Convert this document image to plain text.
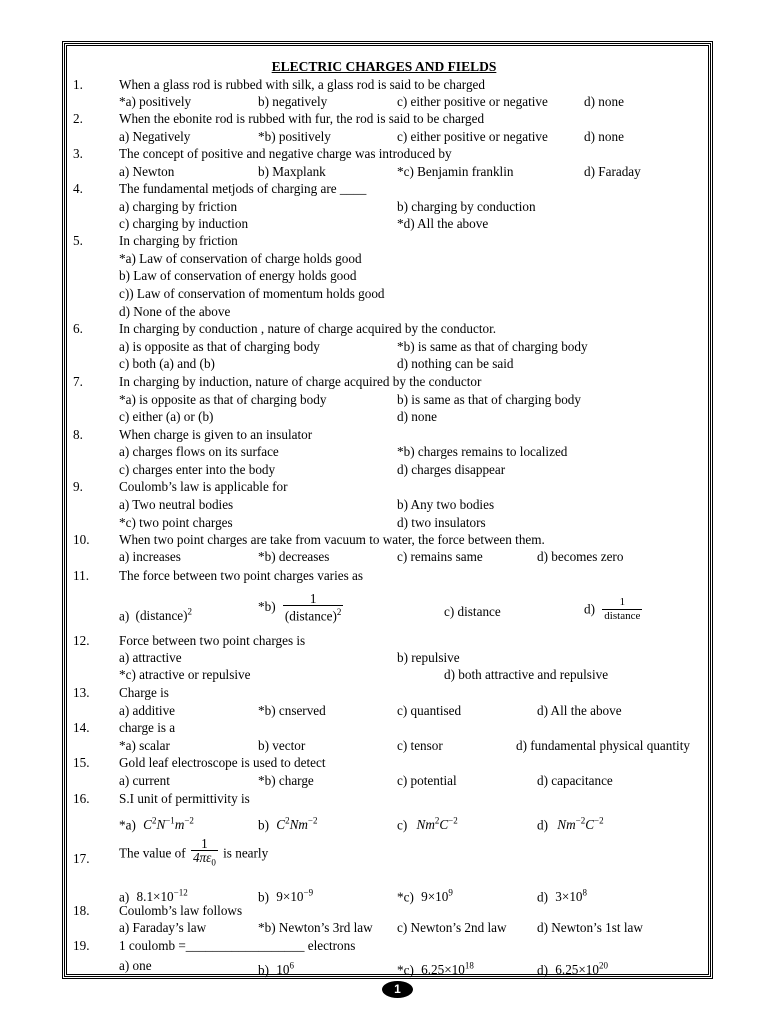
ELECTRIC CHARGES AND FIELDS
1.	When a glass rod is rubbed with silk, a glass rod is said to be charged
*a) positively	b) negatively	c) either positive or negative	d) none
2.	When the ebonite rod is rubbed with fur, the rod is said to be charged
a) Negatively	*b) positively	c) either positive or negative	d) none
3.	The concept of positive and negative charge was introduced by
a) Newton	b) Maxplank	*c) Benjamin franklin	d) Faraday
4.	The fundamental metjods of charging are ____
a) charging by friction	b) charging by conduction
c) charging by induction	*d) All the above
5.	In charging by friction
*a) Law of conservation of charge holds good
b) Law of conservation of energy holds good
c)) Law of conservation of momentum holds good
d) None of the above
6.	In charging by conduction , nature of charge acquired by the conductor.
a) is opposite as that of charging body	*b) is same as that of charging body
c) both (a) and (b)	d) nothing can be said
7.	In charging by induction, nature of charge acquired by the conductor
*a) is opposite as that of charging body	b) is same as that of charging body
c) either (a) or (b)	d) none
8.	When charge is given to an insulator
a) charges flows on its surface	*b) charges remains to localized
c) charges enter into the body	d) charges disappear
9.	Coulomb’s law is applicable for
a) Two neutral bodies	b) Any two bodies
*c) two point charges	d) two insulators
10. When two point charges are take from vacuum to water, the force between them.
a) increases	*b) decreases	c) remains same	d) becomes zero
11. The force between two point charges varies as
a) (distance)$^2$	$*b) \frac{1}{(distance)^2}$	c) distance	$d) \frac{1}{\text{distance}}$
12. Force between two point charges is
a) attractive	b) repulsive
*c) atractive or repulsive	d) both attractive and repulsive
13. Charge is
a) additive	*b) cnserved	c) quantised	d) All the above
14. charge is a
*a) scalar	b) vector	c) tensor	d) fundamental physical quantity
15. Gold leaf electroscope is used to detect
a) current	*b) charge	c) potential	d) capacitance
16. S.I unit of permittivity is
*a) $C^2N^{-1}m^{-2}$	b) $C^2Nm^{-2}$	c) $Nm^2C^{-2}$	d) $Nm^{-2}C^{-2}$
17. The value of $\frac{1}{4\pi\varepsilon_0}$ is nearly
a) $8.1\times 10^{-12}$	b) $9\times 10^{-9}$	*c) $9\times 10^9$	d) $3\times 10^8$
18. Coulomb’s law follows
a) Faraday’s law	*b) Newton’s 3rd law c) Newton’s 2nd law d) Newton’s 1st law
19. 1 coulomb =__________________ electrons
a) one	b) $10^6$	*c) $6.25\times 10^{18}$	d) $6.25\times 10^{20}$
1
